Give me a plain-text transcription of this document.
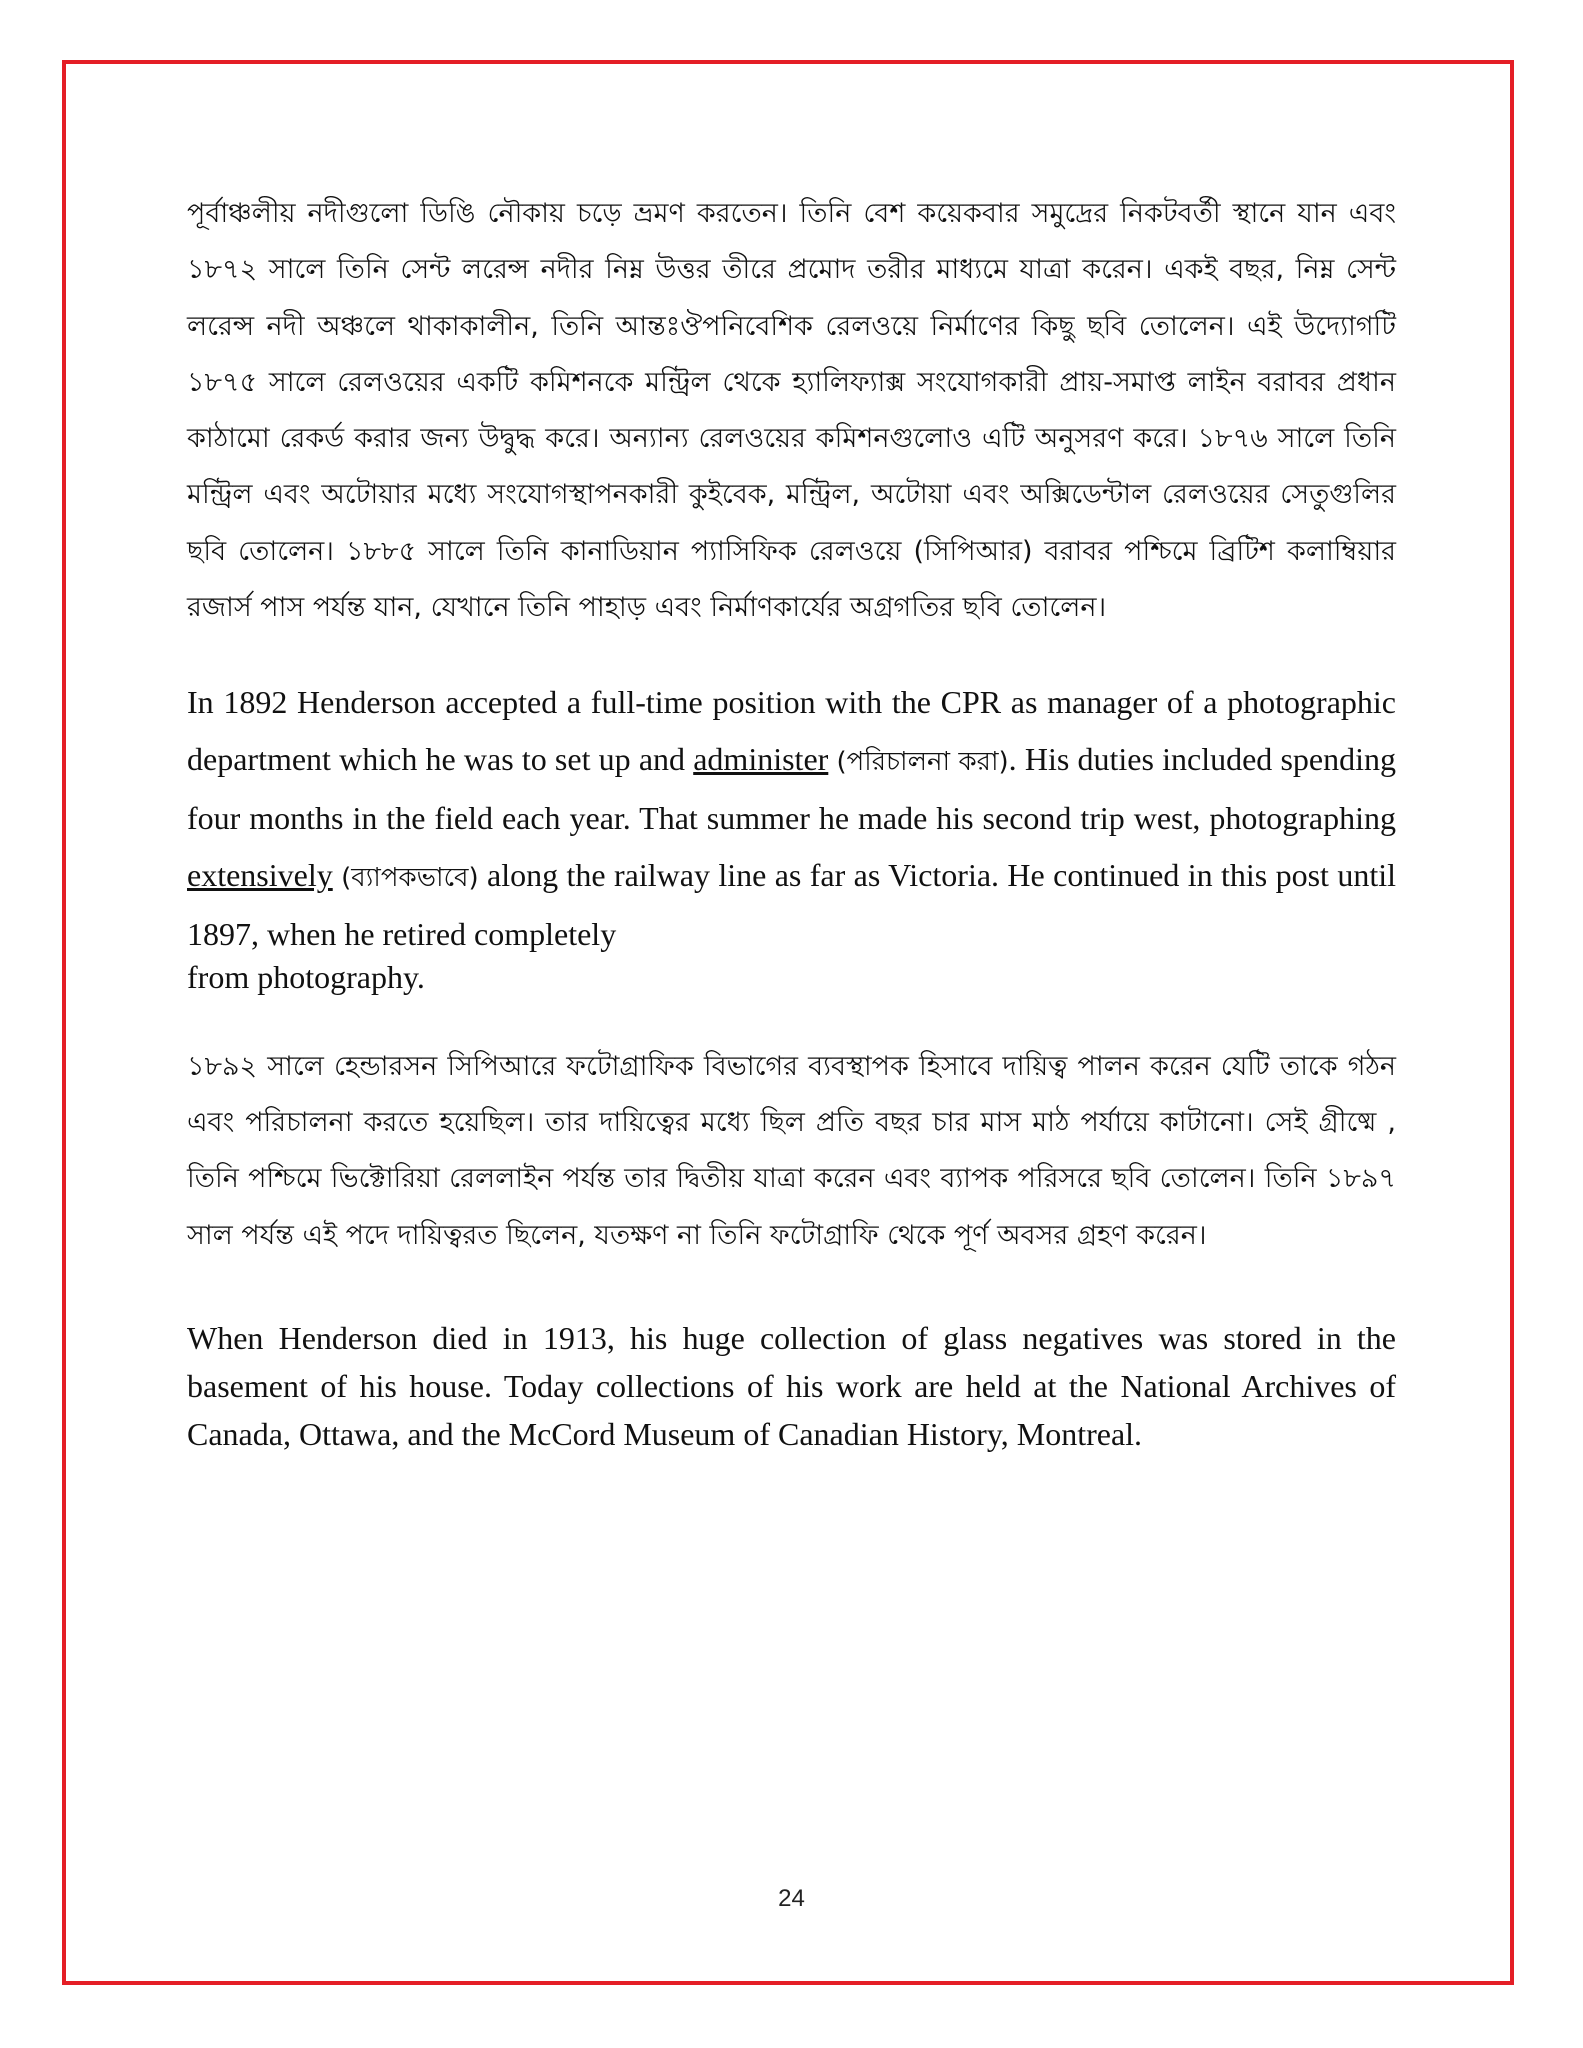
পূর্বাঞ্চলীয় নদীগুলো ডিঙি নৌকায় চড়ে ভ্রমণ করতেন। তিনি বেশ কয়েকবার সমুদ্রের নিকটবর্তী স্থানে যান এবং ১৮৭২ সালে তিনি সেন্ট লরেন্স নদীর নিম্ন উত্তর তীরে প্রমোদ তরীর মাধ্যমে যাত্রা করেন। একই বছর, নিম্ন সেন্ট লরেন্স নদী অঞ্চলে থাকাকালীন, তিনি আন্তঃঔপনিবেশিক রেলওয়ে নির্মাণের কিছু ছবি তোলেন। এই উদ্যোগটি ১৮৭৫ সালে রেলওয়ের একটি কমিশনকে মন্ট্রিল থেকে হ্যালিফ্যাক্স সংযোগকারী প্রায়-সমাপ্ত লাইন বরাবর প্রধান কাঠামো রেকর্ড করার জন্য উদ্বুদ্ধ করে। অন্যান্য রেলওয়ের কমিশনগুলোও এটি অনুসরণ করে। ১৮৭৬ সালে তিনি মন্ট্রিল এবং অটোয়ার মধ্যে সংযোগস্থাপনকারী কুইবেক, মন্ট্রিল, অটোয়া এবং অক্সিডেন্টাল রেলওয়ের সেতুগুলির ছবি তোলেন। ১৮৮৫ সালে তিনি কানাডিয়ান প্যাসিফিক রেলওয়ে (সিপিআর) বরাবর পশ্চিমে ব্রিটিশ কলাম্বিয়ার রজার্স পাস পর্যন্ত যান, যেখানে তিনি পাহাড় এবং নির্মাণকার্যের অগ্রগতির ছবি তোলেন।

In 1892 Henderson accepted a full-time position with the CPR as manager of a photographic department which he was to set up and administer (পরিচালনা করা). His duties included spending four months in the field each year. That summer he made his second trip west, photographing extensively (ব্যাপকভাবে) along the railway line as far as Victoria. He continued in this post until 1897, when he retired completely

from photography.

১৮৯২ সালে হেন্ডারসন সিপিআরে ফটোগ্রাফিক বিভাগের ব্যবস্থাপক হিসাবে দায়িত্ব পালন করেন যেটি তাকে গঠন এবং পরিচালনা করতে হয়েছিল। তার দায়িত্বের মধ্যে ছিল প্রতি বছর চার মাস মাঠ পর্যায়ে কাটানো। সেই গ্রীষ্মে , তিনি পশ্চিমে ভিক্টোরিয়া রেললাইন পর্যন্ত তার দ্বিতীয় যাত্রা করেন এবং ব্যাপক পরিসরে ছবি তোলেন। তিনি ১৮৯৭ সাল পর্যন্ত এই পদে দায়িত্বরত ছিলেন, যতক্ষণ না তিনি ফটোগ্রাফি থেকে পূর্ণ অবসর গ্রহণ করেন।

When Henderson died in 1913, his huge collection of glass negatives was stored in the basement of his house. Today collections of his work are held at the National Archives of Canada, Ottawa, and the McCord Museum of Canadian History, Montreal.

24
